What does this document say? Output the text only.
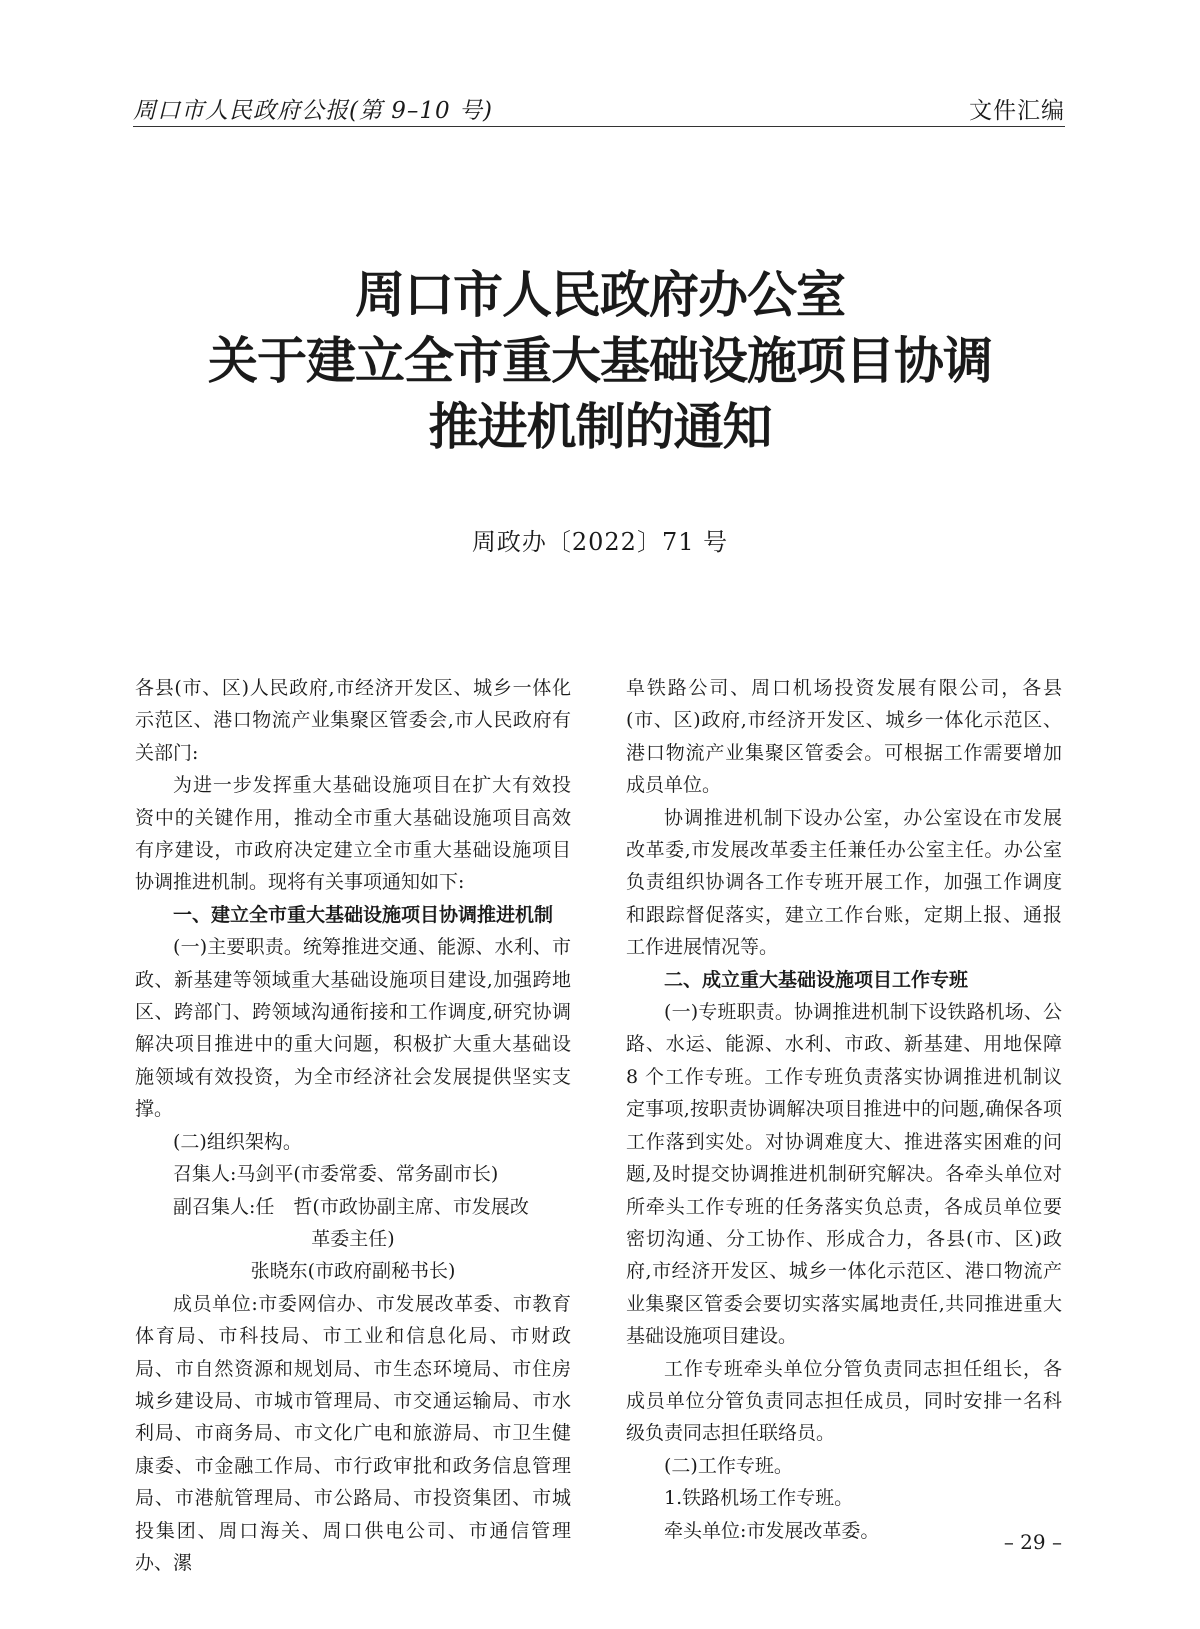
周口市人民政府公报(第 9–10 号)	文件汇编
周口市人民政府办公室
关于建立全市重大基础设施项目协调
推进机制的通知
周政办〔2022〕71 号

各县(市、区)人民政府,市经济开发区、城乡一体化示范区、港口物流产业集聚区管委会,市人民政府有关部门:

为进一步发挥重大基础设施项目在扩大有效投资中的关键作用，推动全市重大基础设施项目高效有序建设，市政府决定建立全市重大基础设施项目协调推进机制。现将有关事项通知如下:

一、建立全市重大基础设施项目协调推进机制

(一)主要职责。统筹推进交通、能源、水利、市政、新基建等领域重大基础设施项目建设,加强跨地区、跨部门、跨领域沟通衔接和工作调度,研究协调解决项目推进中的重大问题，积极扩大重大基础设施领域有效投资，为全市经济社会发展提供坚实支撑。

(二)组织架构。

召集人:马剑平(市委常委、常务副市长)

副召集人:任　哲(市政协副主席、市发展改

革委主任)

张晓东(市政府副秘书长)

成员单位:市委网信办、市发展改革委、市教育体育局、市科技局、市工业和信息化局、市财政局、市自然资源和规划局、市生态环境局、市住房城乡建设局、市城市管理局、市交通运输局、市水利局、市商务局、市文化广电和旅游局、市卫生健康委、市金融工作局、市行政审批和政务信息管理局、市港航管理局、市公路局、市投资集团、市城投集团、周口海关、周口供电公司、市通信管理办、漯

阜铁路公司、周口机场投资发展有限公司，各县(市、区)政府,市经济开发区、城乡一体化示范区、港口物流产业集聚区管委会。可根据工作需要增加成员单位。

协调推进机制下设办公室，办公室设在市发展改革委,市发展改革委主任兼任办公室主任。办公室负责组织协调各工作专班开展工作，加强工作调度和跟踪督促落实，建立工作台账，定期上报、通报工作进展情况等。

二、成立重大基础设施项目工作专班

(一)专班职责。协调推进机制下设铁路机场、公路、水运、能源、水利、市政、新基建、用地保障 8 个工作专班。工作专班负责落实协调推进机制议定事项,按职责协调解决项目推进中的问题,确保各项工作落到实处。对协调难度大、推进落实困难的问题,及时提交协调推进机制研究解决。各牵头单位对所牵头工作专班的任务落实负总责，各成员单位要密切沟通、分工协作、形成合力，各县(市、区)政府,市经济开发区、城乡一体化示范区、港口物流产业集聚区管委会要切实落实属地责任,共同推进重大基础设施项目建设。

工作专班牵头单位分管负责同志担任组长，各成员单位分管负责同志担任成员，同时安排一名科级负责同志担任联络员。

(二)工作专班。

1.铁路机场工作专班。

牵头单位:市发展改革委。	– 29 –
